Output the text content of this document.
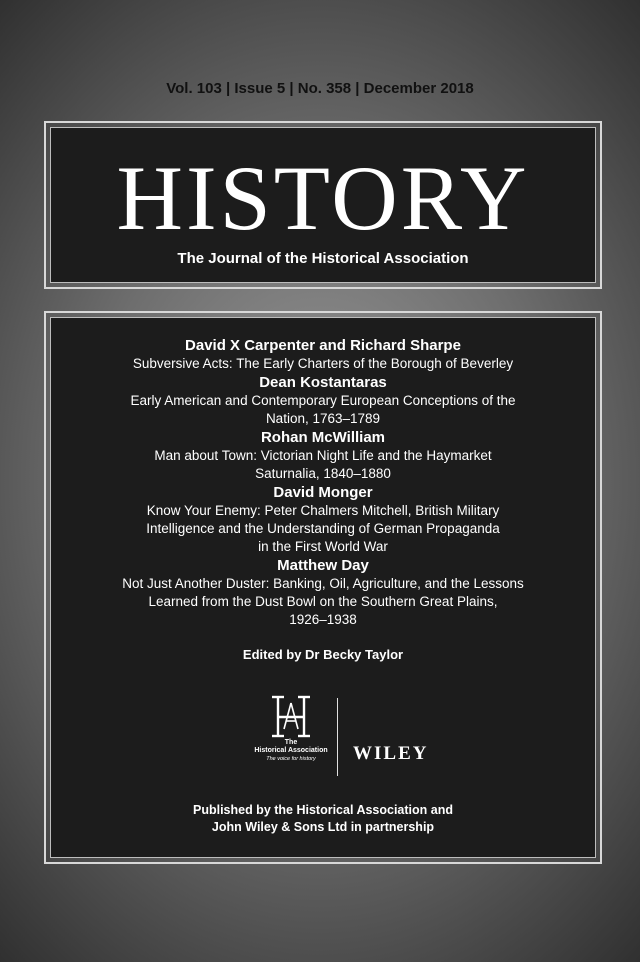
Vol. 103 | Issue 5 | No. 358 | December 2018
HISTORY
The Journal of the Historical Association
David X Carpenter and Richard Sharpe
Subversive Acts: The Early Charters of the Borough of Beverley
Dean Kostantaras
Early American and Contemporary European Conceptions of the
Nation, 1763–1789
Rohan McWilliam
Man about Town: Victorian Night Life and the Haymarket
Saturnalia, 1840–1880
David Monger
Know Your Enemy: Peter Chalmers Mitchell, British Military
Intelligence and the Understanding of German Propaganda
in the First World War
Matthew Day
Not Just Another Duster: Banking, Oil, Agriculture, and the Lessons
Learned from the Dust Bowl on the Southern Great Plains,
1926–1938
Edited by Dr Becky Taylor
The
Historical Association
The voice for history	WILEY
Published by the Historical Association and
John Wiley & Sons Ltd in partnership
